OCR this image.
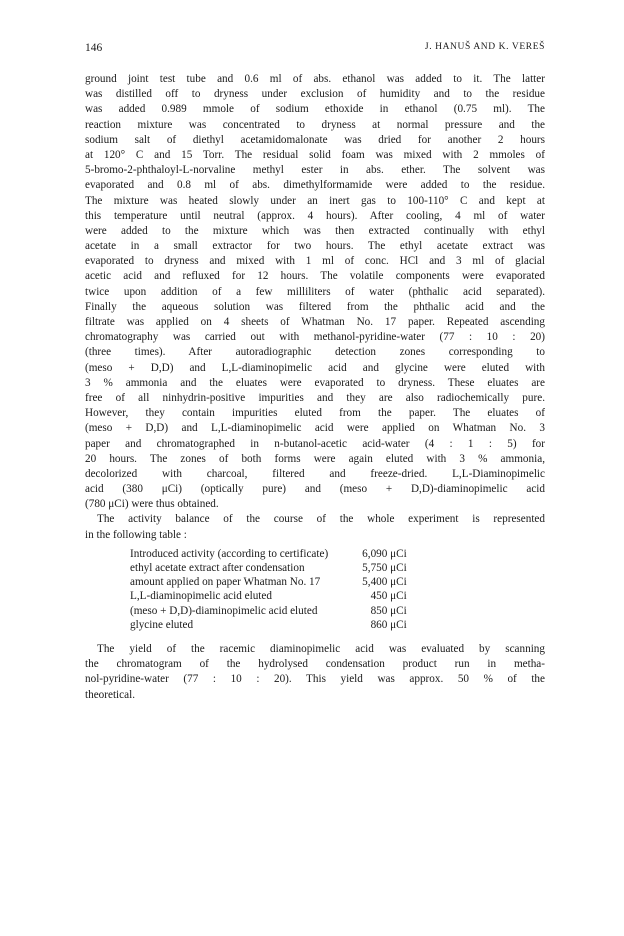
146	J. HANUŠ AND K. VEREŠ
ground joint test tube and 0.6 ml of abs. ethanol was added to it. The latter
was distilled off to dryness under exclusion of humidity and to the residue
was added 0.989 mmole of sodium ethoxide in ethanol (0.75 ml). The
reaction mixture was concentrated to dryness at normal pressure and the
sodium salt of diethyl acetamidomalonate was dried for another 2 hours
at 120° C and 15 Torr. The residual solid foam was mixed with 2 mmoles of
5-bromo-2-phthaloyl-L-norvaline methyl ester in abs. ether. The solvent was
evaporated and 0.8 ml of abs. dimethylformamide were added to the residue.
The mixture was heated slowly under an inert gas to 100-110° C and kept at
this temperature until neutral (approx. 4 hours). After cooling, 4 ml of water
were added to the mixture which was then extracted continually with ethyl
acetate in a small extractor for two hours. The ethyl acetate extract was
evaporated to dryness and mixed with 1 ml of conc. HCl and 3 ml of glacial
acetic acid and refluxed for 12 hours. The volatile components were evaporated
twice upon addition of a few milliliters of water (phthalic acid separated).
Finally the aqueous solution was filtered from the phthalic acid and the
filtrate was applied on 4 sheets of Whatman No. 17 paper. Repeated ascending
chromatography was carried out with methanol-pyridine-water (77 : 10 : 20)
(three times). After autoradiographic detection zones corresponding to
(meso + D,D) and L,L-diaminopimelic acid and glycine were eluted with
3 % ammonia and the eluates were evaporated to dryness. These eluates are
free of all ninhydrin-positive impurities and they are also radiochemically pure.
However, they contain impurities eluted from the paper. The eluates of
(meso + D,D) and L,L-diaminopimelic acid were applied on Whatman No. 3
paper and chromatographed in n-butanol-acetic acid-water (4 : 1 : 5) for
20 hours. The zones of both forms were again eluted with 3 % ammonia,
decolorized with charcoal, filtered and freeze-dried. L,L-Diaminopimelic
acid (380 μCi) (optically pure) and (meso + D,D)-diaminopimelic acid
(780 μCi) were thus obtained.
The activity balance of the course of the whole experiment is represented
in the following table :
Introduced activity (according to certificate)	6,090 μCi
ethyl acetate extract after condensation	5,750 μCi
amount applied on paper Whatman No. 17	5,400 μCi
L,L-diaminopimelic acid eluted	450 μCi
(meso + D,D)-diaminopimelic acid eluted	850 μCi
glycine eluted	860 μCi
The yield of the racemic diaminopimelic acid was evaluated by scanning
the chromatogram of the hydrolysed condensation product run in metha-
nol-pyridine-water (77 : 10 : 20). This yield was approx. 50 % of the
theoretical.
